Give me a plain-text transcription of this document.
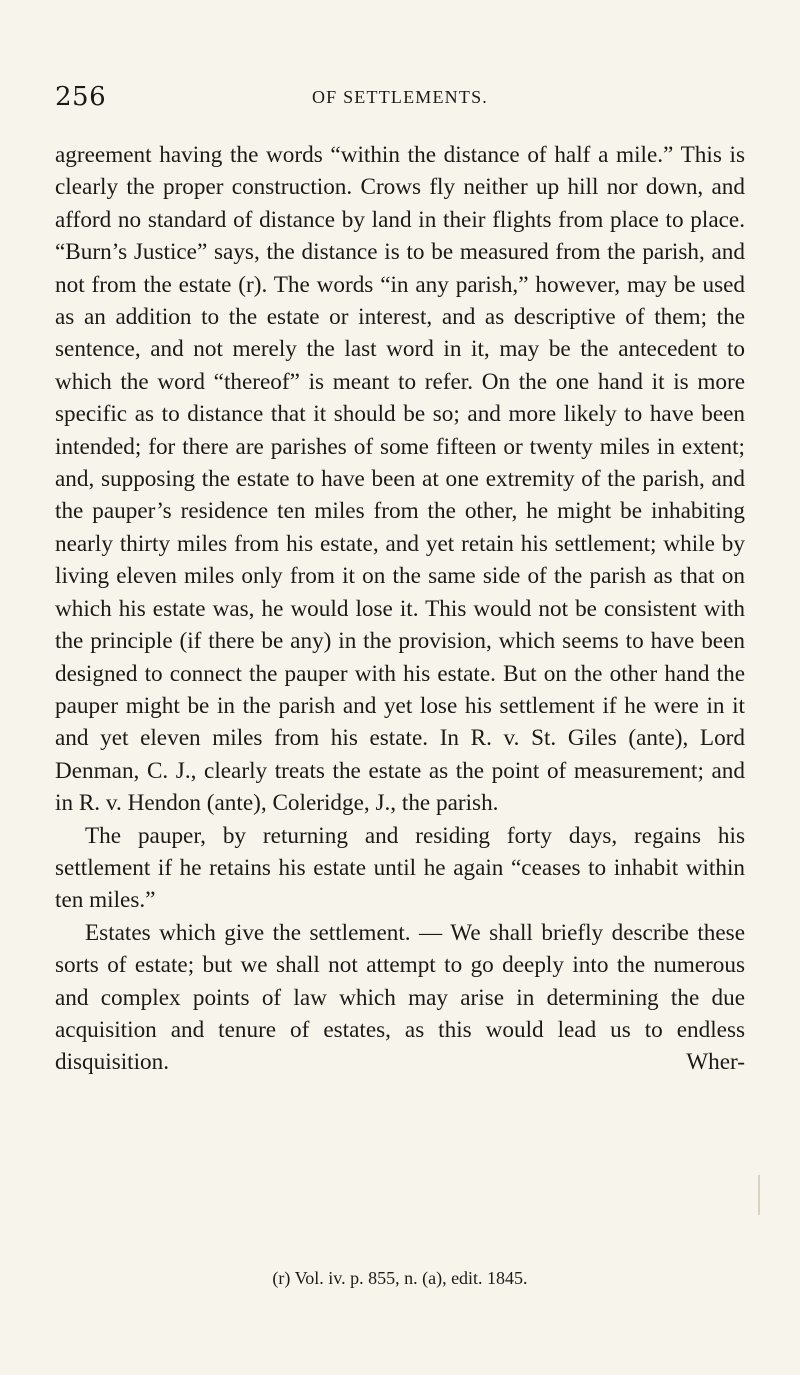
256	OF SETTLEMENTS.

agreement having the words “within the distance of half a mile.” This is clearly the proper construction. Crows fly neither up hill nor down, and afford no standard of distance by land in their flights from place to place. “Burn’s Justice” says, the distance is to be measured from the parish, and not from the estate (r). The words “in any parish,” however, may be used as an addition to the estate or interest, and as descriptive of them; the sentence, and not merely the last word in it, may be the antecedent to which the word “thereof” is meant to refer. On the one hand it is more specific as to distance that it should be so; and more likely to have been intended; for there are parishes of some fifteen or twenty miles in extent; and, supposing the estate to have been at one extremity of the parish, and the pauper’s residence ten miles from the other, he might be inhabiting nearly thirty miles from his estate, and yet retain his settlement; while by living eleven miles only from it on the same side of the parish as that on which his estate was, he would lose it. This would not be consistent with the principle (if there be any) in the provision, which seems to have been designed to connect the pauper with his estate. But on the other hand the pauper might be in the parish and yet lose his settlement if he were in it and yet eleven miles from his estate. In R. v. St. Giles (ante), Lord Denman, C. J., clearly treats the estate as the point of measurement; and in R. v. Hendon (ante), Coleridge, J., the parish.

The pauper, by returning and residing forty days, regains his settlement if he retains his estate until he again “ceases to inhabit within ten miles.”

Estates which give the settlement. — We shall briefly describe these sorts of estate; but we shall not attempt to go deeply into the numerous and complex points of law which may arise in determining the due acquisition and tenure of estates, as this would lead us to endless disquisition. Wher-

(r) Vol. iv. p. 855, n. (a), edit. 1845.
